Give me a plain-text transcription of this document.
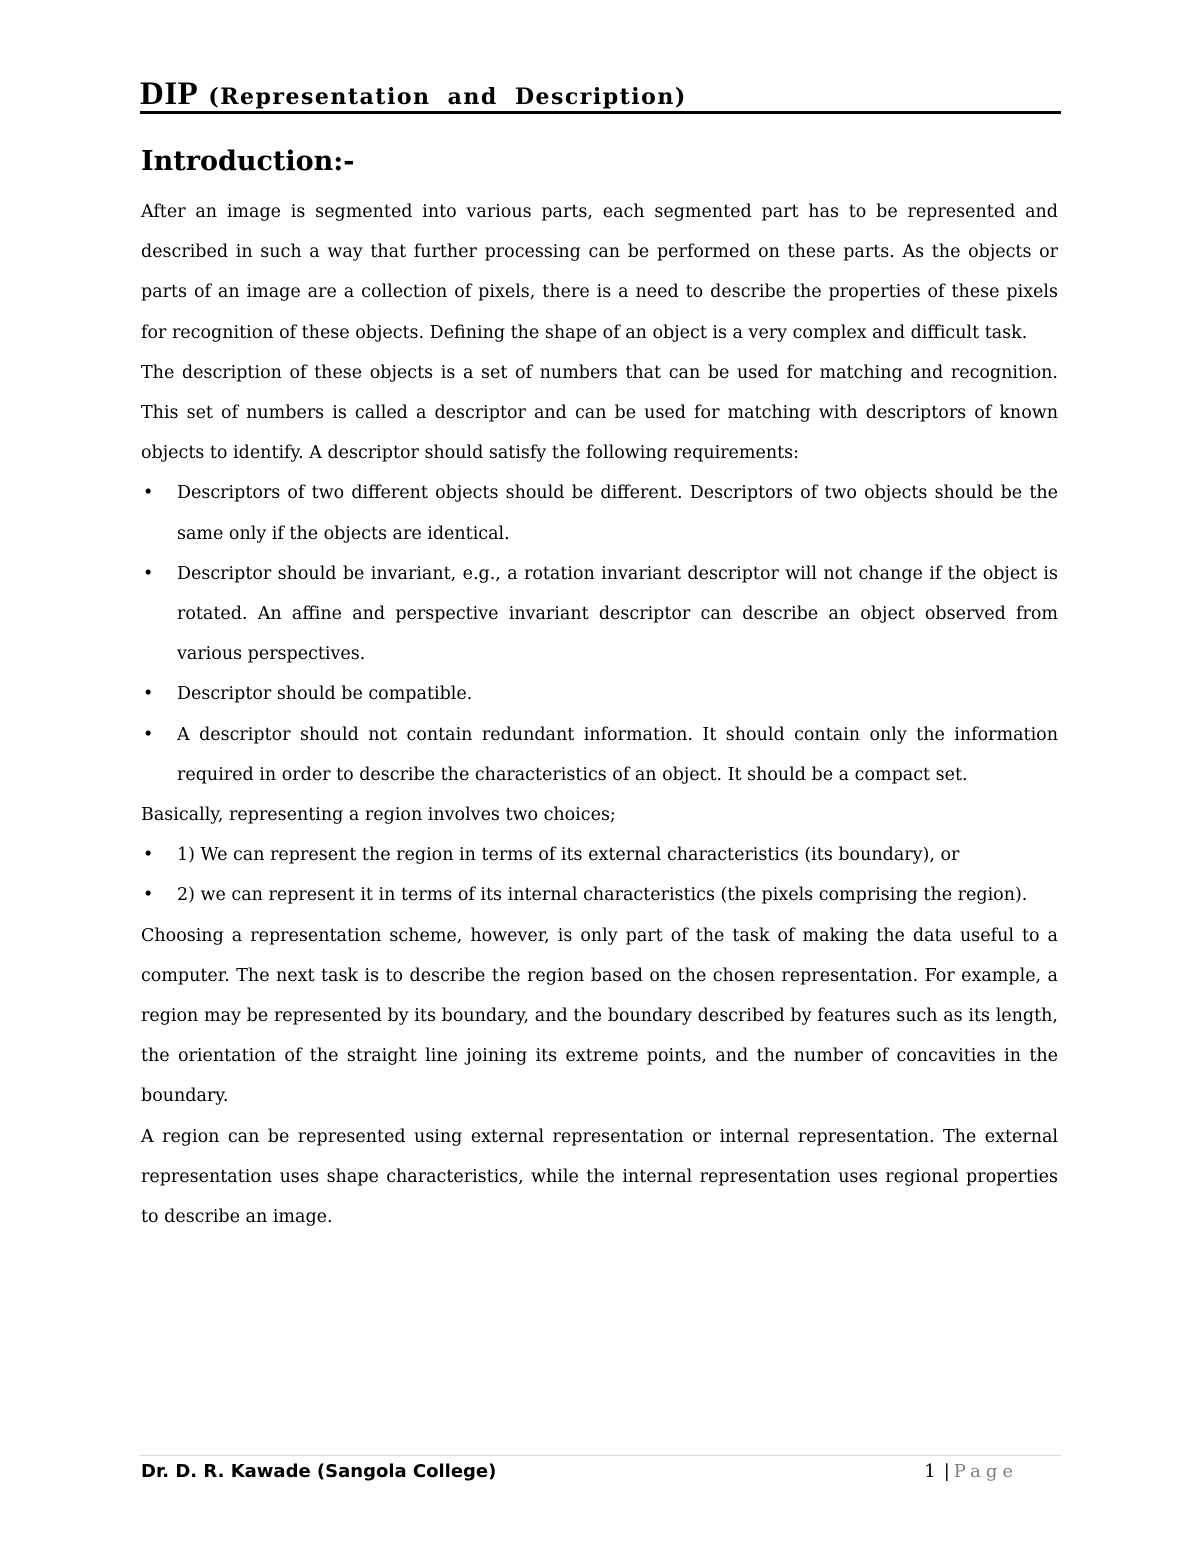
DIP (Representation and Description)
Introduction:-

After an image is segmented into various parts, each segmented part has to be represented and described in such a way that further processing can be performed on these parts. As the objects or parts of an image are a collection of pixels, there is a need to describe the properties of these pixels for recognition of these objects. Defining the shape of an object is a very complex and difficult task.

The description of these objects is a set of numbers that can be used for matching and recognition. This set of numbers is called a descriptor and can be used for matching with descriptors of known objects to identify. A descriptor should satisfy the following requirements:

• Descriptors of two different objects should be different. Descriptors of two objects should be the same only if the objects are identical.
• Descriptor should be invariant, e.g., a rotation invariant descriptor will not change if the object is rotated. An affine and perspective invariant descriptor can describe an object observed from various perspectives.
• Descriptor should be compatible.
• A descriptor should not contain redundant information. It should contain only the information required in order to describe the characteristics of an object. It should be a compact set.

Basically, representing a region involves two choices;

• 1) We can represent the region in terms of its external characteristics (its boundary), or
• 2) we can represent it in terms of its internal characteristics (the pixels comprising the region).

Choosing a representation scheme, however, is only part of the task of making the data useful to a computer. The next task is to describe the region based on the chosen representation. For example, a region may be represented by its boundary, and the boundary described by features such as its length, the orientation of the straight line joining its extreme points, and the number of concavities in the boundary.

A region can be represented using external representation or internal representation. The external representation uses shape characteristics, while the internal representation uses regional properties to describe an image.

Dr. D. R. Kawade (Sangola College)	1 | Page
